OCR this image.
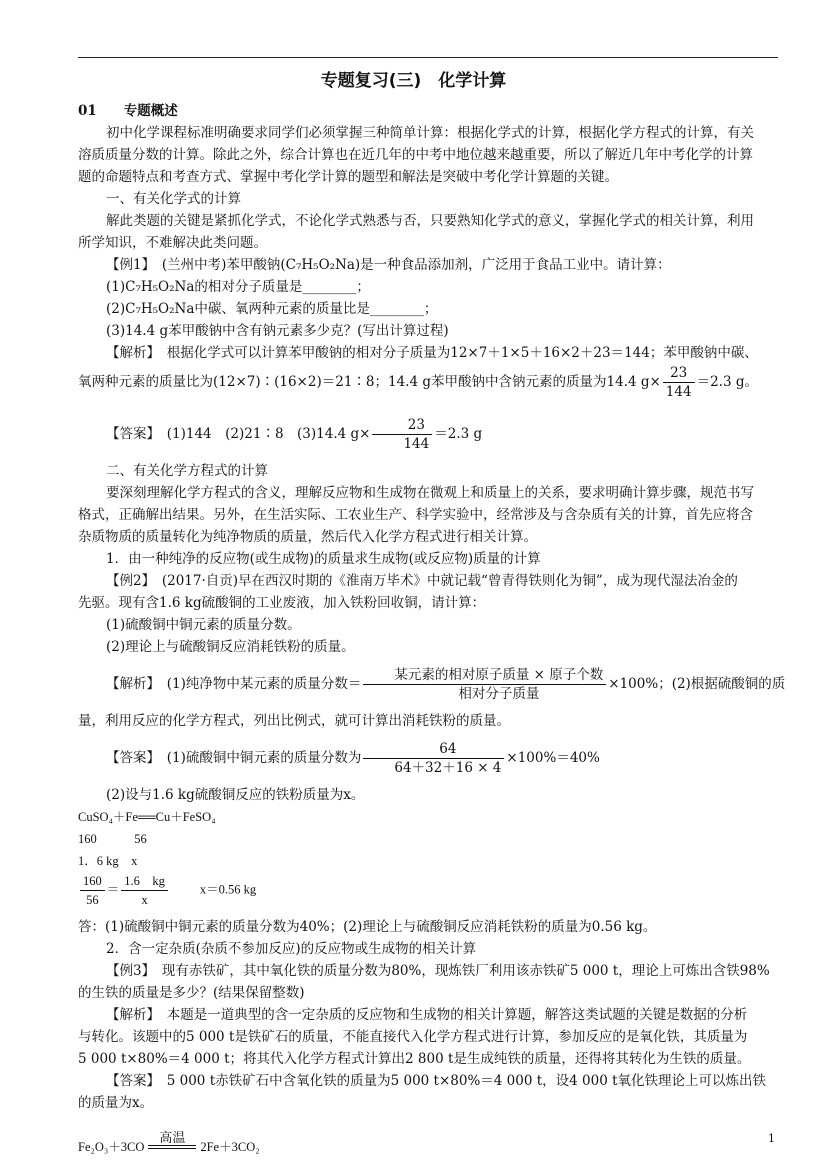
专题复习(三)　化学计算
01　　专题概述
初中化学课程标准明确要求同学们必须掌握三种简单计算：根据化学式的计算，根据化学方程式的计算，有关
溶质质量分数的计算。除此之外，综合计算也在近几年的中考中地位越来越重要，所以了解近几年中考化学的计算
题的命题特点和考查方式、掌握中考化学计算的题型和解法是突破中考化学计算题的关键。
一、有关化学式的计算
解此类题的关键是紧抓化学式，不论化学式熟悉与否，只要熟知化学式的意义，掌握化学式的相关计算，利用
所学知识，不难解决此类问题。
【例1】　(兰州中考)苯甲酸钠(C₇H₅O₂Na)是一种食品添加剂，广泛用于食品工业中。请计算：
(1)C₇H₅O₂Na的相对分子质量是________；
(2)C₇H₅O₂Na中碳、氧两种元素的质量比是________；
(3)14.4 g苯甲酸钠中含有钠元素多少克？(写出计算过程)
【解析】　根据化学式可以计算苯甲酸钠的相对分子质量为12×7＋1×5＋16×2＋23＝144；苯甲酸钠中碳、
氧两种元素的质量比为(12×7)∶(16×2)＝21∶8；14.4 g苯甲酸钠中含钠元素的质量为14.4 $g\times \frac{23}{144} =2.3$ g。
【答案】　(1)144　(2)21∶8　(3)14.4 $g\times \frac{23}{144} =2.3$ g
二、有关化学方程式的计算
要深刻理解化学方程式的含义，理解反应物和生成物在微观上和质量上的关系，要求明确计算步骤，规范书写
格式，正确解出结果。另外，在生活实际、工农业生产、科学实验中，经常涉及与含杂质有关的计算，首先应将含
杂质物质的质量转化为纯净物质的质量，然后代入化学方程式进行相关计算。
1．由一种纯净的反应物(或生成物)的质量求生成物(或反应物)质量的计算
【例2】　(2017·自贡)早在西汉时期的《淮南万毕术》中就记载“曾青得铁则化为铜”，成为现代湿法冶金的
先驱。现有含1.6 kg硫酸铜的工业废液，加入铁粉回收铜，请计算：
(1)硫酸铜中铜元素的质量分数。
(2)理论上与硫酸铜反应消耗铁粉的质量。
【解析】　(1)纯净物中某元素的质量分数＝ $\frac{\text{某元素的相对原子质量 × 原子个数}}{\text{相对分子质量}} \times 100\%$；(2)根据硫酸铜的质
量，利用反应的化学方程式，列出比例式，就可计算出消耗铁粉的质量。
【答案】　(1)硫酸铜中铜元素的质量分数为 $\frac{64}{64+32+16 \times 4} \times 100\%=40\%$
(2)设与1.6 kg硫酸铜反应的铁粉质量为x。
CuSO₄＋Fe══Cu＋FeSO₄
160　　　56
1．6 kg　x
$\frac{160}{56} = \frac{1.6 kg}{x}$	x＝0.56 kg
答：(1)硫酸铜中铜元素的质量分数为40%；(2)理论上与硫酸铜反应消耗铁粉的质量为0.56 kg。
2．含一定杂质(杂质不参加反应)的反应物或生成物的相关计算
【例3】　现有赤铁矿，其中氧化铁的质量分数为80%，现炼铁厂利用该赤铁矿5 000 t，理论上可炼出含铁98%
的生铁的质量是多少？(结果保留整数)
【解析】　本题是一道典型的含一定杂质的反应物和生成物的相关计算题，解答这类试题的关键是数据的分析
与转化。该题中的5 000 t是铁矿石的质量，不能直接代入化学方程式进行计算，参加反应的是氧化铁，其质量为
5 000 t×80%＝4 000 t；将其代入化学方程式计算出2 800 t是生成纯铁的质量，还得将其转化为生铁的质量。
【答案】　5 000 t赤铁矿石中含氧化铁的质量为5 000 t×80%＝4 000 t，设4 000 t氧化铁理论上可以炼出铁
的质量为x。
Fe₂O₃＋3CO
高温
2Fe＋3CO₂
1
